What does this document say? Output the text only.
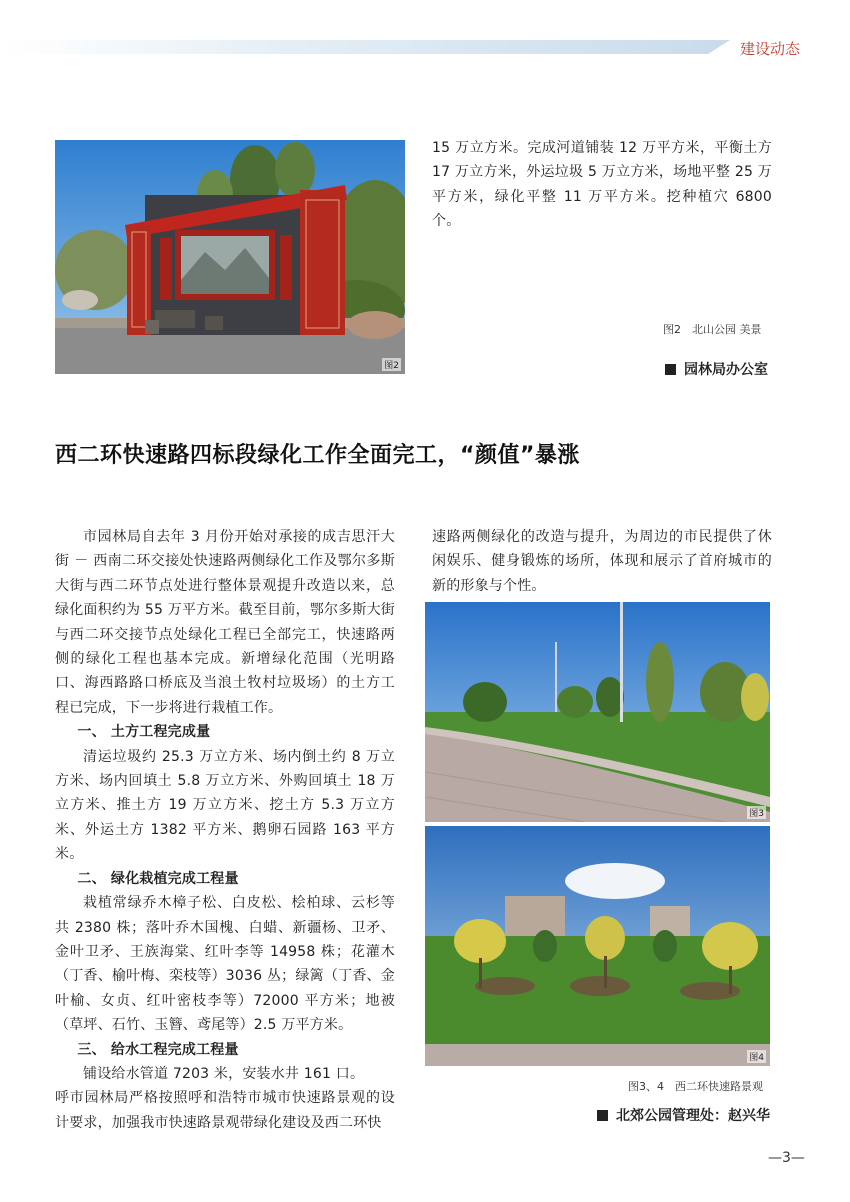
建设动态
图2

15 万立方米。完成河道铺装 12 万平方米，平衡土方 17 万立方米，外运垃圾 5 万立方米，场地平整 25 万平方米，绿化平整 11 万平方米。挖种植穴 6800 个。

图2　北山公园 美景
园林局办公室
西二环快速路四标段绿化工作全面完工，“颜值”暴涨

市园林局自去年 3 月份开始对承接的成吉思汗大街 － 西南二环交接处快速路两侧绿化工作及鄂尔多斯大街与西二环节点处进行整体景观提升改造以来，总绿化面积约为 55 万平方米。截至目前，鄂尔多斯大街与西二环交接节点处绿化工程已全部完工，快速路两侧的绿化工程也基本完成。新增绿化范围（光明路口、海西路路口桥底及当浪土牧村垃圾场）的土方工程已完成，下一步将进行栽植工作。

一、 土方工程完成量

清运垃圾约 25.3 万立方米、场内倒土约 8 万立方米、场内回填土 5.8 万立方米、外购回填土 18 万立方米、推土方 19 万立方米、挖土方 5.3 万立方米、外运土方 1382 平方米、鹅卵石园路 163 平方米。

二、 绿化栽植完成工程量

栽植常绿乔木樟子松、白皮松、桧柏球、云杉等共 2380 株；落叶乔木国槐、白蜡、新疆杨、卫矛、金叶卫矛、王族海棠、红叶李等 14958 株；花灌木（丁香、榆叶梅、栾枝等）3036 丛；绿篱（丁香、金叶榆、女贞、红叶密枝李等）72000 平方米；地被（草坪、石竹、玉簪、鸢尾等）2.5 万平方米。

三、 给水工程完成工程量

铺设给水管道 7203 米，安装水井 161 口。

呼市园林局严格按照呼和浩特市城市快速路景观的设计要求，加强我市快速路景观带绿化建设及西二环快

速路两侧绿化的改造与提升，为周边的市民提供了休闲娱乐、健身锻炼的场所，体现和展示了首府城市的新的形象与个性。

图3
图4
图3、4　西二环快速路景观
北郊公园管理处：赵兴华
—3—
